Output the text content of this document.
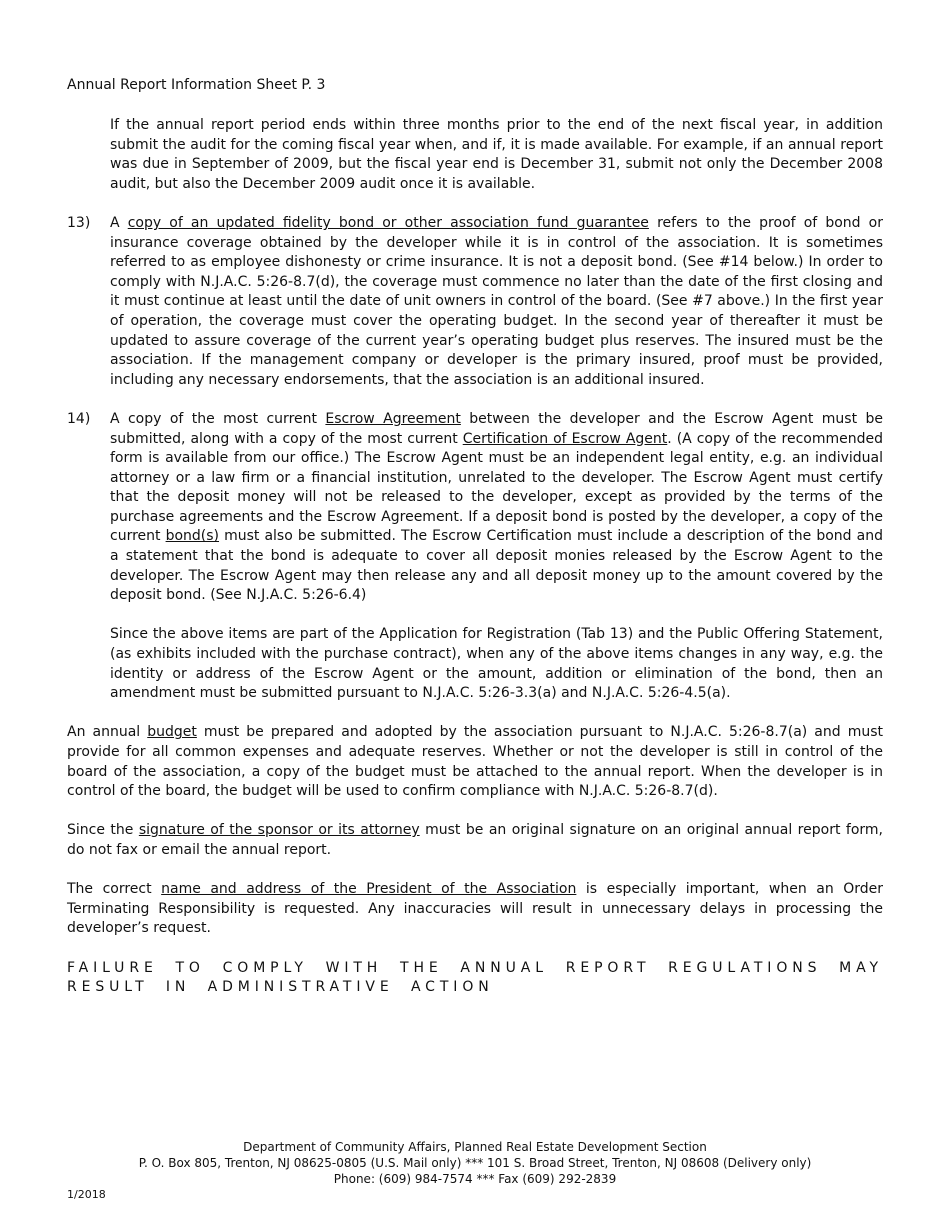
Annual Report Information Sheet P. 3

If the annual report period ends within three months prior to the end of the next fiscal year, in addition submit the audit for the coming fiscal year when, and if, it is made available. For example, if an annual report was due in September of 2009, but the fiscal year end is December 31, submit not only the December 2008 audit, but also the December 2009 audit once it is available.

13)	A copy of an updated fidelity bond or other association fund guarantee refers to the proof of bond or insurance coverage obtained by the developer while it is in control of the association. It is sometimes referred to as employee dishonesty or crime insurance. It is not a deposit bond. (See #14 below.) In order to comply with N.J.A.C. 5:26-8.7(d), the coverage must commence no later than the date of the first closing and it must continue at least until the date of unit owners in control of the board. (See #7 above.) In the first year of operation, the coverage must cover the operating budget. In the second year of thereafter it must be updated to assure coverage of the current year’s operating budget plus reserves. The insured must be the association. If the management company or developer is the primary insured, proof must be provided, including any necessary endorsements, that the association is an additional insured.

14)	A copy of the most current Escrow Agreement between the developer and the Escrow Agent must be submitted, along with a copy of the most current Certification of Escrow Agent. (A copy of the recommended form is available from our office.) The Escrow Agent must be an independent legal entity, e.g. an individual attorney or a law firm or a financial institution, unrelated to the developer. The Escrow Agent must certify that the deposit money will not be released to the developer, except as provided by the terms of the purchase agreements and the Escrow Agreement. If a deposit bond is posted by the developer, a copy of the current bond(s) must also be submitted. The Escrow Certification must include a description of the bond and a statement that the bond is adequate to cover all deposit monies released by the Escrow Agent to the developer. The Escrow Agent may then release any and all deposit money up to the amount covered by the deposit bond. (See N.J.A.C. 5:26-6.4)

Since the above items are part of the Application for Registration (Tab 13) and the Public Offering Statement, (as exhibits included with the purchase contract), when any of the above items changes in any way, e.g. the identity or address of the Escrow Agent or the amount, addition or elimination of the bond, then an amendment must be submitted pursuant to N.J.A.C. 5:26-3.3(a) and N.J.A.C. 5:26-4.5(a).

An annual budget must be prepared and adopted by the association pursuant to N.J.A.C. 5:26-8.7(a) and must provide for all common expenses and adequate reserves. Whether or not the developer is still in control of the board of the association, a copy of the budget must be attached to the annual report. When the developer is in control of the board, the budget will be used to confirm compliance with N.J.A.C. 5:26-8.7(d).

Since the signature of the sponsor or its attorney must be an original signature on an original annual report form, do not fax or email the annual report.

The correct name and address of the President of the Association is especially important, when an Order Terminating Responsibility is requested. Any inaccuracies will result in unnecessary delays in processing the developer’s request.

FAILURE TO COMPLY WITH THE ANNUAL REPORT REGULATIONS MAY RESULT IN ADMINISTRATIVE ACTION

Department of Community Affairs, Planned Real Estate Development Section
P. O. Box 805, Trenton, NJ 08625-0805 (U.S. Mail only) *** 101 S. Broad Street, Trenton, NJ 08608 (Delivery only)
Phone: (609) 984-7574 *** Fax (609) 292-2839
1/2018
